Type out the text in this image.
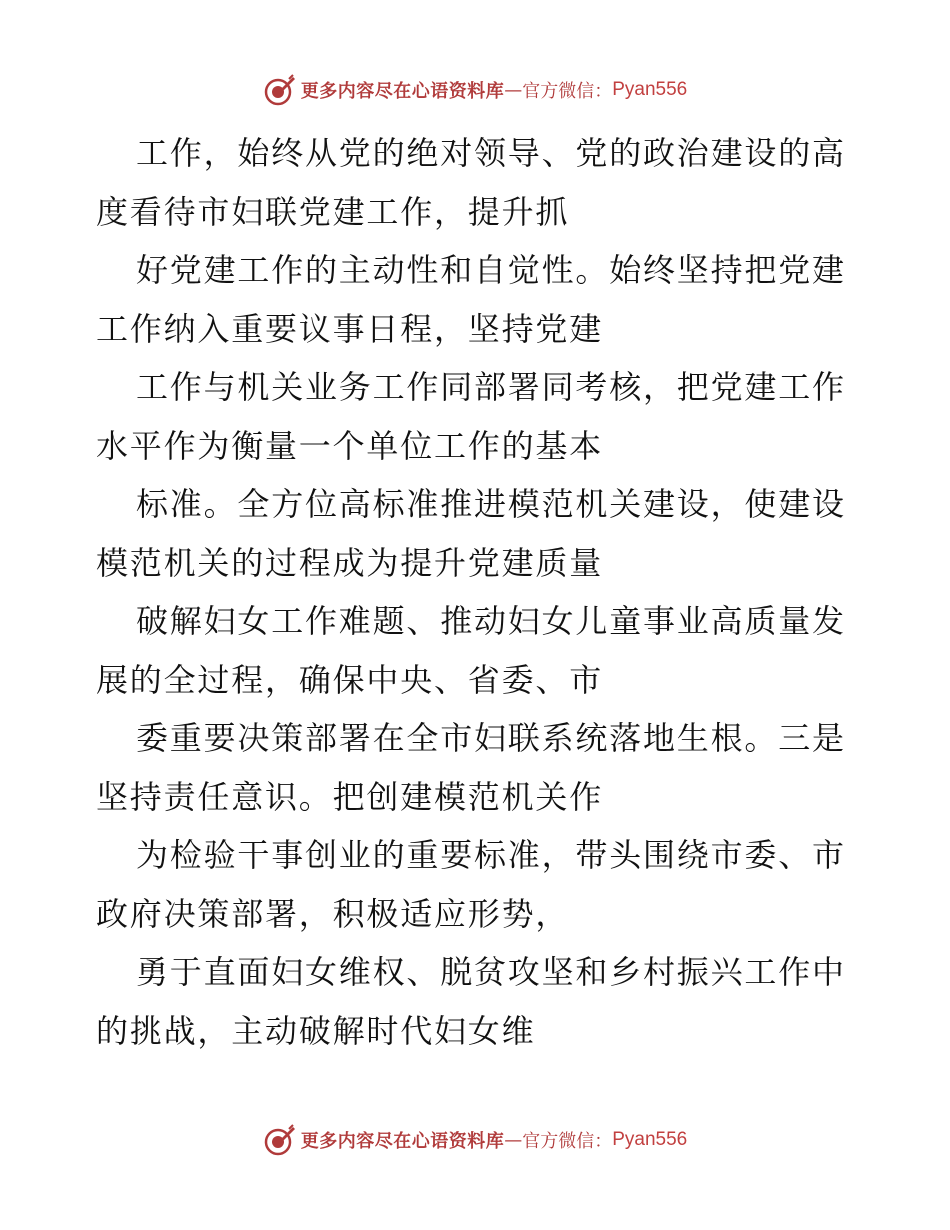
更多内容尽在心语资料库 — 官方微信： Pyan556

工作，始终从党的绝对领导、党的政治建设的高
度看待市妇联党建工作，提升抓

好党建工作的主动性和自觉性。始终坚持把党建
工作纳入重要议事日程，坚持党建

工作与机关业务工作同部署同考核，把党建工作
水平作为衡量一个单位工作的基本

标准。全方位高标准推进模范机关建设，使建设
模范机关的过程成为提升党建质量

破解妇女工作难题、推动妇女儿童事业高质量发
展的全过程，确保中央、省委、市

委重要决策部署在全市妇联系统落地生根。三是
坚持责任意识。把创建模范机关作

为检验干事创业的重要标准，带头围绕市委、市
政府决策部署，积极适应形势，

勇于直面妇女维权、脱贫攻坚和乡村振兴工作中
的挑战，主动破解时代妇女维

更多内容尽在心语资料库 — 官方微信： Pyan556
